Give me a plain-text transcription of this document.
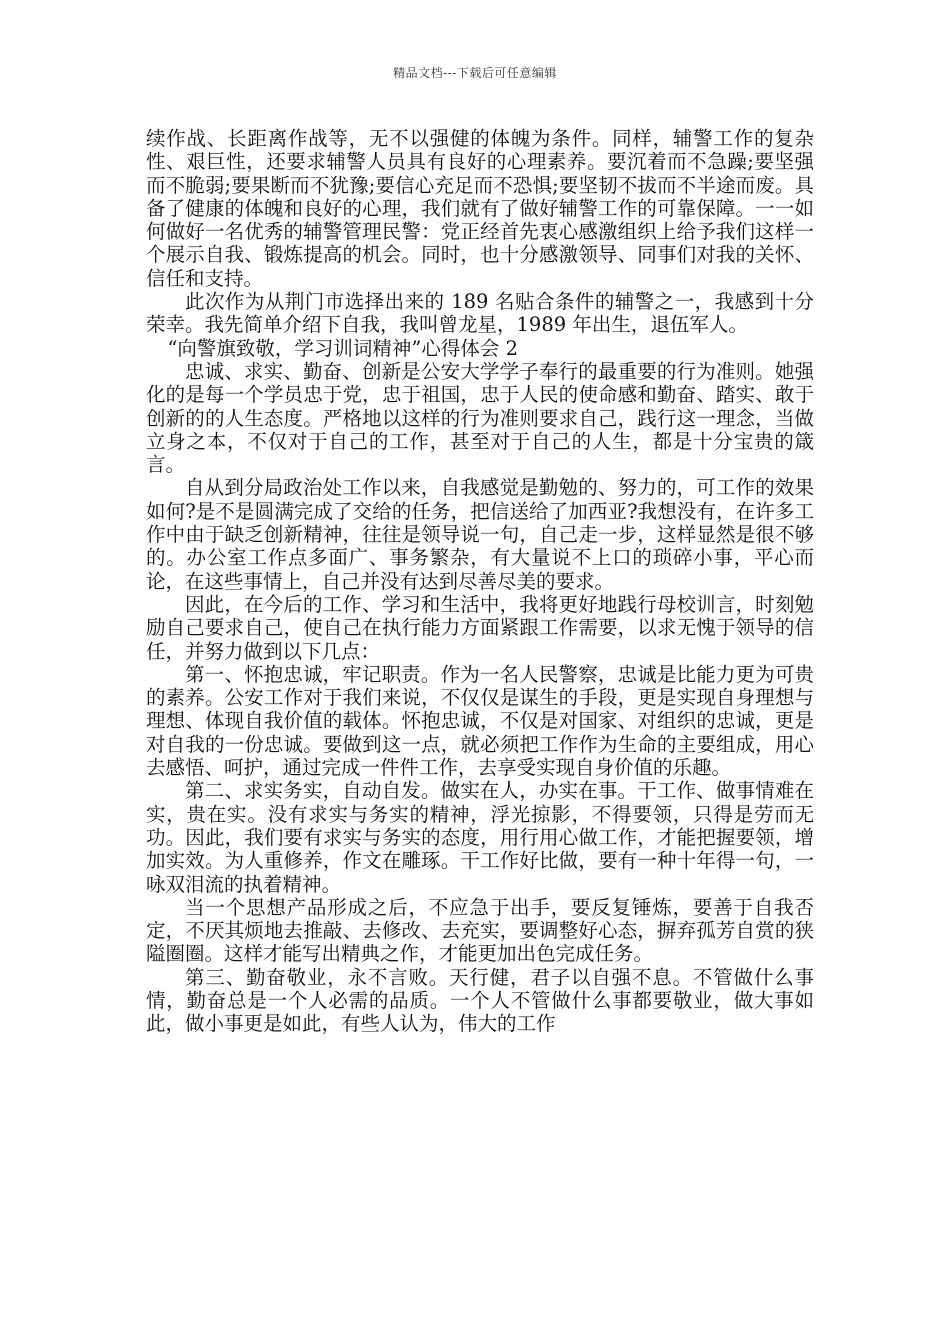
精品文档---下载后可任意编辑

续作战、长距离作战等，无不以强健的体魄为条件。同样，辅警工作的复杂性、艰巨性，还要求辅警人员具有良好的心理素养。要沉着而不急躁;要坚强而不脆弱;要果断而不犹豫;要信心充足而不恐惧;要坚韧不拔而不半途而废。具备了健康的体魄和良好的心理，我们就有了做好辅警工作的可靠保障。一一如何做好一名优秀的辅警管理民警：党正经首先衷心感激组织上给予我们这样一个展示自我、锻炼提高的机会。同时，也十分感激领导、同事们对我的关怀、信任和支持。

此次作为从荆门市选择出来的 189 名贴合条件的辅警之一，我感到十分荣幸。我先简单介绍下自我，我叫曾龙星，1989 年出生，退伍军人。

“向警旗致敬，学习训词精神”心得体会 2

忠诚、求实、勤奋、创新是公安大学学子奉行的最重要的行为准则。她强化的是每一个学员忠于党，忠于祖国，忠于人民的使命感和勤奋、踏实、敢于创新的的人生态度。严格地以这样的行为准则要求自己，践行这一理念，当做立身之本，不仅对于自己的工作，甚至对于自己的人生，都是十分宝贵的箴言。

自从到分局政治处工作以来，自我感觉是勤勉的、努力的，可工作的效果如何?是不是圆满完成了交给的任务，把信送给了加西亚?我想没有，在许多工作中由于缺乏创新精神，往往是领导说一句，自己走一步，这样显然是很不够的。办公室工作点多面广、事务繁杂，有大量说不上口的琐碎小事，平心而论，在这些事情上，自己并没有达到尽善尽美的要求。

因此，在今后的工作、学习和生活中，我将更好地践行母校训言，时刻勉励自己要求自己，使自己在执行能力方面紧跟工作需要，以求无愧于领导的信任，并努力做到以下几点：

第一、怀抱忠诚，牢记职责。作为一名人民警察，忠诚是比能力更为可贵的素养。公安工作对于我们来说，不仅仅是谋生的手段，更是实现自身理想与理想、体现自我价值的载体。怀抱忠诚，不仅是对国家、对组织的忠诚，更是对自我的一份忠诚。要做到这一点，就必须把工作作为生命的主要组成，用心去感悟、呵护，通过完成一件件工作，去享受实现自身价值的乐趣。

第二、求实务实，自动自发。做实在人，办实在事。干工作、做事情难在实，贵在实。没有求实与务实的精神，浮光掠影，不得要领，只得是劳而无功。因此，我们要有求实与务实的态度，用行用心做工作，才能把握要领，增加实效。为人重修养，作文在雕琢。干工作好比做，要有一种十年得一句，一咏双泪流的执着精神。

当一个思想产品形成之后，不应急于出手，要反复锤炼，要善于自我否定，不厌其烦地去推敲、去修改、去充实，要调整好心态，摒弃孤芳自赏的狭隘圈圈。这样才能写出精典之作，才能更加出色完成任务。

第三、勤奋敬业，永不言败。天行健，君子以自强不息。不管做什么事情，勤奋总是一个人必需的品质。一个人不管做什么事都要敬业，做大事如此，做小事更是如此，有些人认为，伟大的工作
